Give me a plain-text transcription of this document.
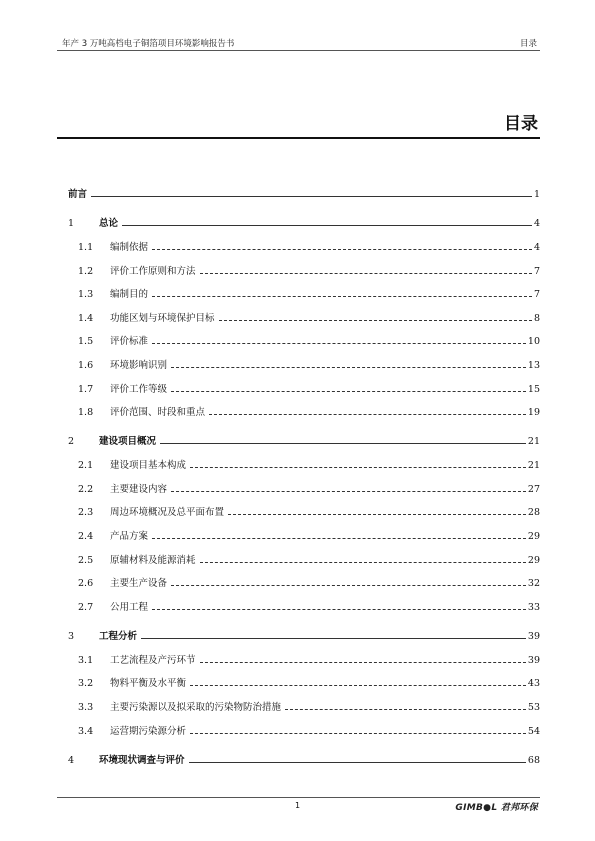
年产 3 万吨高档电子铜箔项目环境影响报告书	目录
目录
前言	1
1	总论	4
1.1 编制依据	4
1.2 评价工作原则和方法	7
1.3 编制目的	7
1.4 功能区划与环境保护目标	8
1.5 评价标准	10
1.6 环境影响识别	13
1.7 评价工作等级	15
1.8 评价范围、时段和重点	19
2	建设项目概况	21
2.1 建设项目基本构成	21
2.2 主要建设内容	27
2.3 周边环境概况及总平面布置	28
2.4 产品方案	29
2.5 原辅材料及能源消耗	29
2.6 主要生产设备	32
2.7 公用工程	33
3	工程分析	39
3.1 工艺流程及产污环节	39
3.2 物料平衡及水平衡	43
3.3 主要污染源以及拟采取的污染物防治措施	53
3.4 运营期污染源分析	54
4	环境现状调查与评价	68
1	GIMB●L 君邦环保
